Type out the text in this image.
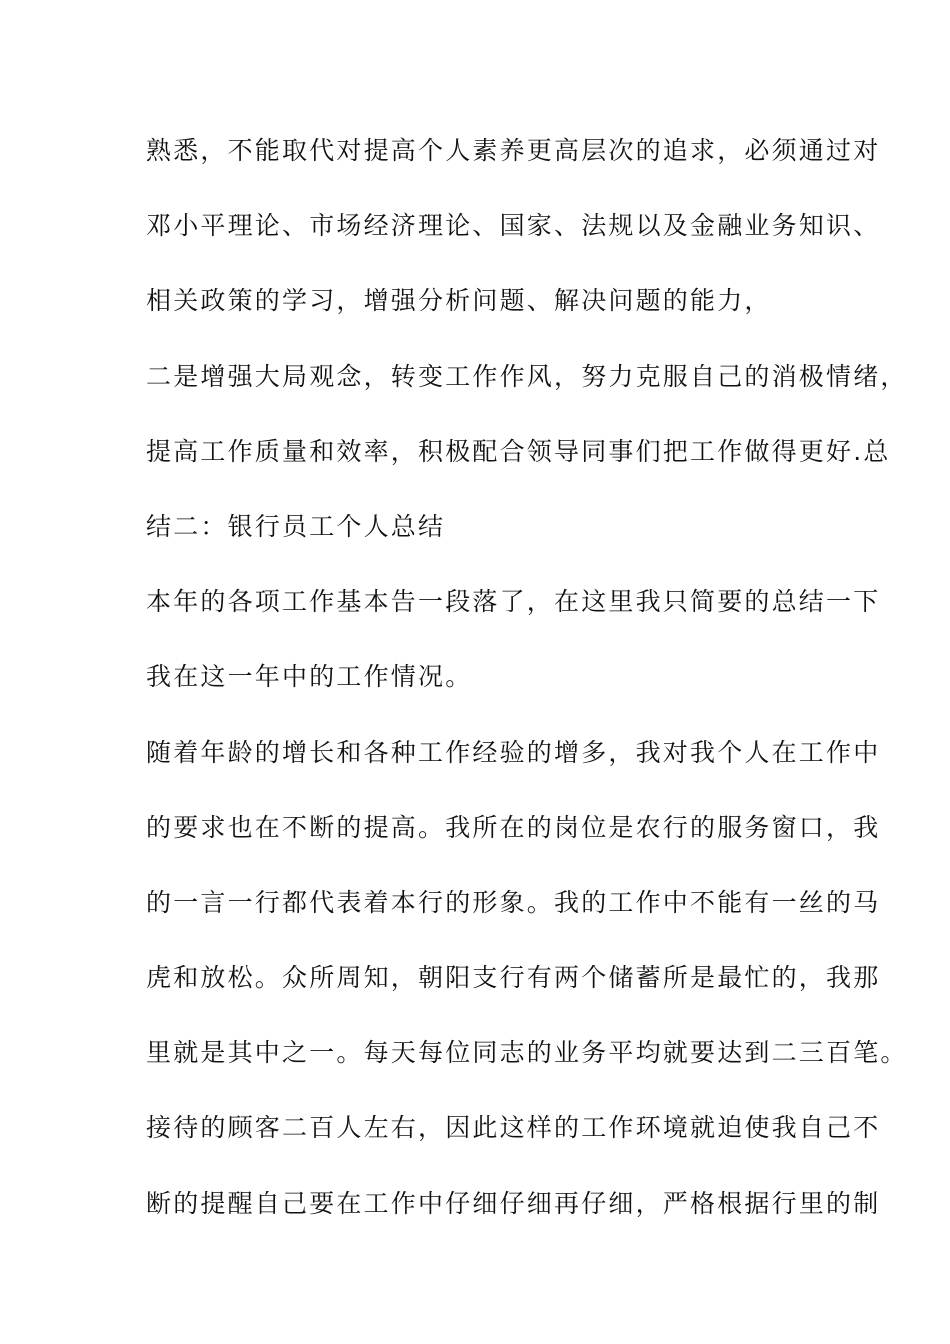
熟悉，不能取代对提高个人素养更高层次的追求，必须通过对

邓小平理论、市场经济理论、国家、法规以及金融业务知识、

相关政策的学习，增强分析问题、解决问题的能力，

二是增强大局观念，转变工作作风，努力克服自己的消极情绪，

提高工作质量和效率，积极配合领导同事们把工作做得更好.总

结二：银行员工个人总结

本年的各项工作基本告一段落了，在这里我只简要的总结一下

我在这一年中的工作情况。

随着年龄的增长和各种工作经验的增多，我对我个人在工作中

的要求也在不断的提高。我所在的岗位是农行的服务窗口，我

的一言一行都代表着本行的形象。我的工作中不能有一丝的马

虎和放松。众所周知，朝阳支行有两个储蓄所是最忙的，我那

里就是其中之一。每天每位同志的业务平均就要达到二三百笔。

接待的顾客二百人左右，因此这样的工作环境就迫使我自己不

断的提醒自己要在工作中仔细仔细再仔细，严格根据行里的制
